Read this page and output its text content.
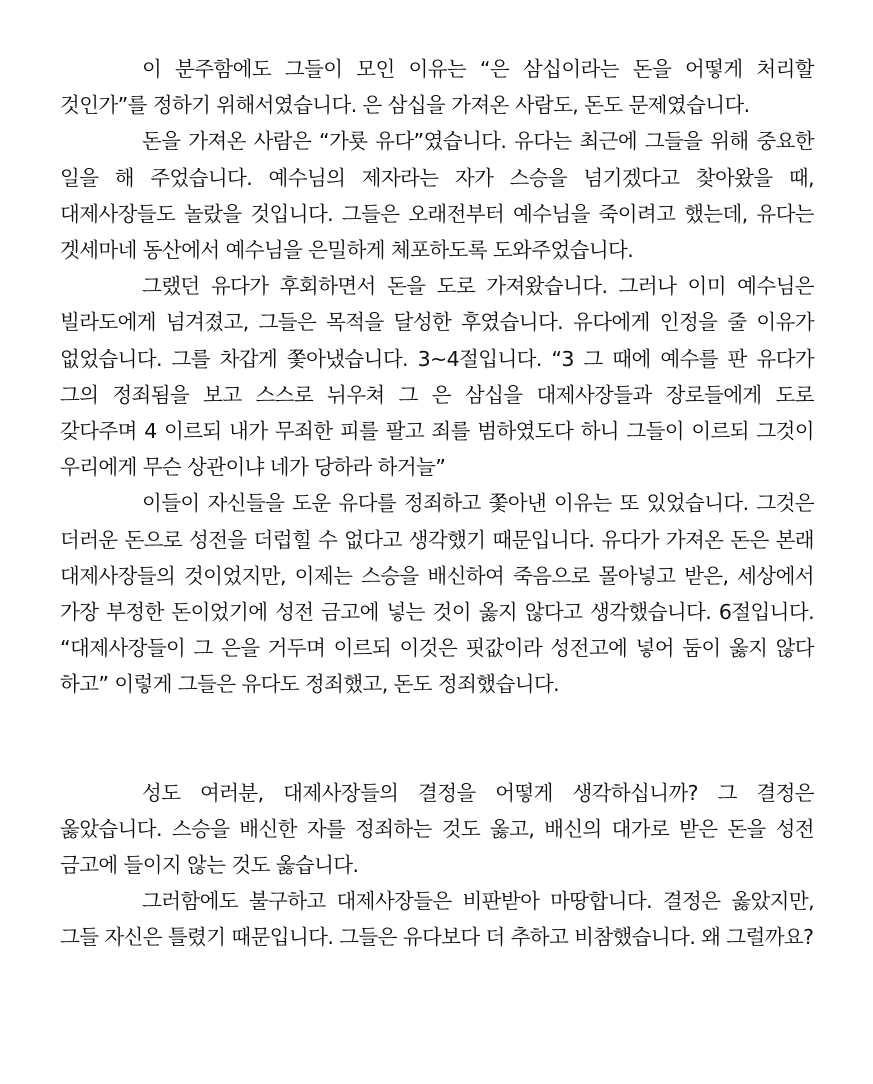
이 분주함에도 그들이 모인 이유는 “은 삼십이라는 돈을 어떻게 처리할 것인가”를 정하기 위해서였습니다. 은 삼십을 가져온 사람도, 돈도 문제였습니다.

돈을 가져온 사람은 “가룟 유다”였습니다. 유다는 최근에 그들을 위해 중요한 일을 해 주었습니다. 예수님의 제자라는 자가 스승을 넘기겠다고 찾아왔을 때, 대제사장들도 놀랐을 것입니다. 그들은 오래전부터 예수님을 죽이려고 했는데, 유다는 겟세마네 동산에서 예수님을 은밀하게 체포하도록 도와주었습니다.

그랬던 유다가 후회하면서 돈을 도로 가져왔습니다. 그러나 이미 예수님은 빌라도에게 넘겨졌고, 그들은 목적을 달성한 후였습니다. 유다에게 인정을 줄 이유가 없었습니다. 그를 차갑게 쫓아냈습니다. 3~4절입니다. “3 그 때에 예수를 판 유다가 그의 정죄됨을 보고 스스로 뉘우쳐 그 은 삼십을 대제사장들과 장로들에게 도로 갖다주며 4 이르되 내가 무죄한 피를 팔고 죄를 범하였도다 하니 그들이 이르되 그것이 우리에게 무슨 상관이냐 네가 당하라 하거늘”

이들이 자신들을 도운 유다를 정죄하고 쫓아낸 이유는 또 있었습니다. 그것은 더러운 돈으로 성전을 더럽힐 수 없다고 생각했기 때문입니다. 유다가 가져온 돈은 본래 대제사장들의 것이었지만, 이제는 스승을 배신하여 죽음으로 몰아넣고 받은, 세상에서 가장 부정한 돈이었기에 성전 금고에 넣는 것이 옳지 않다고 생각했습니다. 6절입니다. “대제사장들이 그 은을 거두며 이르되 이것은 핏값이라 성전고에 넣어 둠이 옳지 않다 하고” 이렇게 그들은 유다도 정죄했고, 돈도 정죄했습니다.

성도 여러분, 대제사장들의 결정을 어떻게 생각하십니까? 그 결정은 옳았습니다. 스승을 배신한 자를 정죄하는 것도 옳고, 배신의 대가로 받은 돈을 성전 금고에 들이지 않는 것도 옳습니다.

그러함에도 불구하고 대제사장들은 비판받아 마땅합니다. 결정은 옳았지만, 그들 자신은 틀렸기 때문입니다. 그들은 유다보다 더 추하고 비참했습니다. 왜 그럴까요?
